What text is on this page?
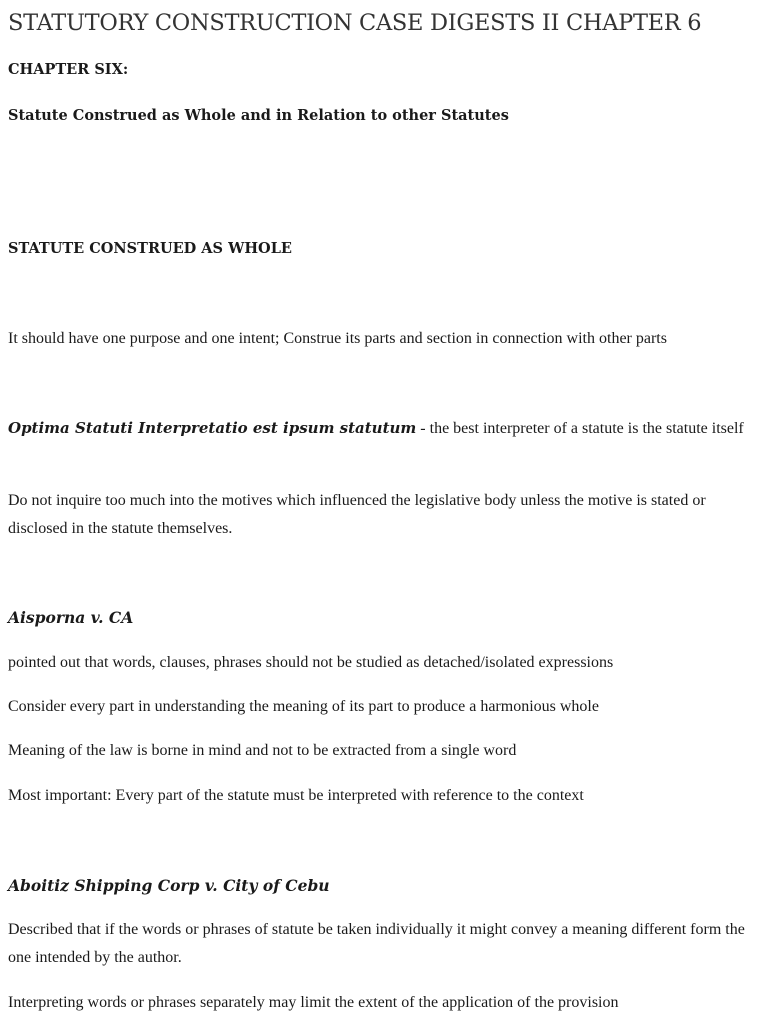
STATUTORY CONSTRUCTION CASE DIGESTS II CHAPTER 6

CHAPTER SIX:

Statute Construed as Whole and in Relation to other Statutes

STATUTE CONSTRUED AS WHOLE

It should have one purpose and one intent; Construe its parts and section in connection with other parts

Optima Statuti Interpretatio est ipsum statutum - the best interpreter of a statute is the statute itself

Do not inquire too much into the motives which influenced the legislative body unless the motive is stated or disclosed in the statute themselves.

Aisporna v. CA

pointed out that words, clauses, phrases should not be studied as detached/isolated expressions

Consider every part in understanding the meaning of its part to produce a harmonious whole

Meaning of the law is borne in mind and not to be extracted from a single word

Most important: Every part of the statute must be interpreted with reference to the context

Aboitiz Shipping Corp v. City of Cebu

Described that if the words or phrases of statute be taken individually it might convey a meaning different form the one intended by the author.

Interpreting words or phrases separately may limit the extent of the application of the provision
